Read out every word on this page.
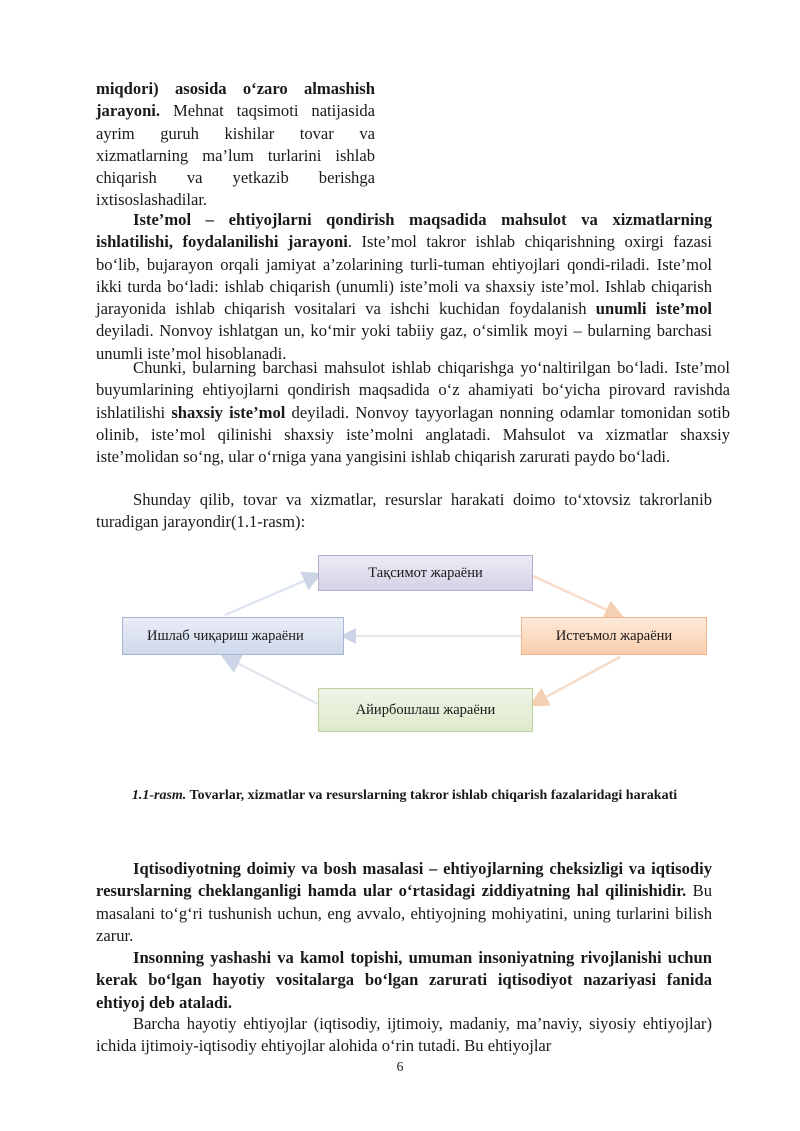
miqdori) asosida o‘zaro almashish jarayoni. Mehnat taqsimoti natijasida ayrim guruh kishilar tovar va xizmatlarning ma’lum turlarini ishlab chiqarish va yetkazib berishga ixtisoslashadilar.

Iste’mol – ehtiyojlarni qondirish maqsadida mahsulot va xizmatlarning ishlatilishi, foydalanilishi jarayoni. Iste’mol takror ishlab chiqarishning oxirgi fazasi bo‘lib, bujarayon orqali jamiyat a’zolarining turli-tuman ehtiyojlari qondi-riladi. Iste’mol ikki turda bo‘ladi: ishlab chiqarish (unumli) iste’moli va shaxsiy iste’mol. Ishlab chiqarish jarayonida ishlab chiqarish vositalari va ishchi kuchidan foydalanish unumli iste’mol deyiladi. Nonvoy ishlatgan un, ko‘mir yoki tabiiy gaz, o‘simlik moyi – bularning barchasi unumli iste’mol hisoblanadi.

Chunki, bularning barchasi mahsulot ishlab chiqarishga yo‘naltirilgan bo‘ladi. Iste’mol buyumlarining ehtiyojlarni qondirish maqsadida o‘z ahamiyati bo‘yicha pirovard ravishda ishlatilishi shaxsiy iste’mol deyiladi. Nonvoy tayyorlagan nonning odamlar tomonidan sotib olinib, iste’mol qilinishi shaxsiy iste’molni anglatadi. Mahsulot va xizmatlar shaxsiy iste’molidan so‘ng, ular o‘rniga yana yangisini ishlab chiqarish zarurati paydo bo‘ladi.

Shunday qilib, tovar va xizmatlar, resurslar harakati doimo to‘xtovsiz takrorlanib turadigan jarayondir(1.1-rasm):

Тақсимот жараёни
Ишлаб чиқариш жараёни	Истеъмол жараёни
Айирбошлаш жараёни
1.1-rasm. Tovarlar, xizmatlar va resurslarning takror ishlab chiqarish fazalaridagi harakati

Iqtisodiyotning doimiy va bosh masalasi – ehtiyojlarning cheksizligi va iqtisodiy resurslarning cheklanganligi hamda ular o‘rtasidagi ziddiyatning hal qilinishidir. Bu masalani to‘g‘ri tushunish uchun, eng avvalo, ehtiyojning mohiyatini, uning turlarini bilish zarur.

Insonning yashashi va kamol topishi, umuman insoniyatning rivojlanishi uchun kerak bo‘lgan hayotiy vositalarga bo‘lgan zarurati iqtisodiyot nazariyasi fanida ehtiyoj deb ataladi.

Barcha hayotiy ehtiyojlar (iqtisodiy, ijtimoiy, madaniy, ma’naviy, siyosiy ehtiyojlar) ichida ijtimoiy-iqtisodiy ehtiyojlar alohida o‘rin tutadi. Bu ehtiyojlar

6
